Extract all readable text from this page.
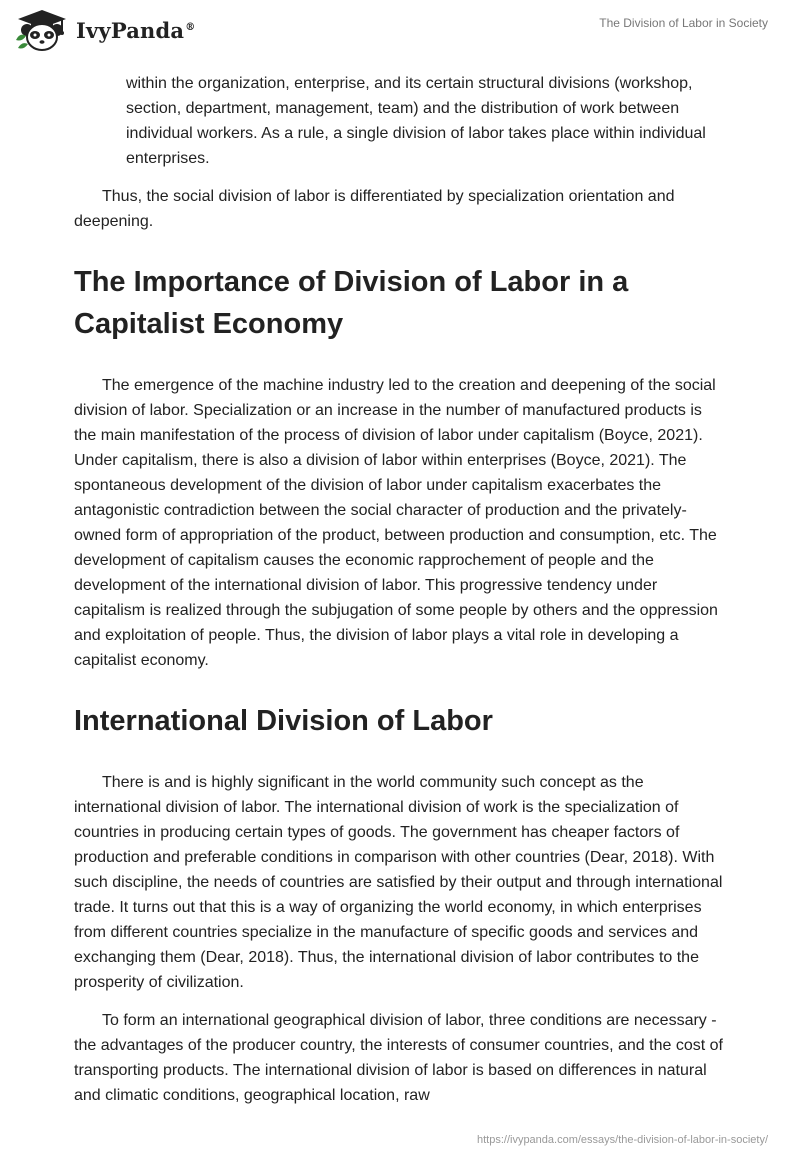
IvyPanda®	The Division of Labor in Society
within the organization, enterprise, and its certain structural divisions (workshop, section, department, management, team) and the distribution of work between individual workers. As a rule, a single division of labor takes place within individual enterprises.

Thus, the social division of labor is differentiated by specialization orientation and deepening.

The Importance of Division of Labor in a Capitalist Economy

The emergence of the machine industry led to the creation and deepening of the social division of labor. Specialization or an increase in the number of manufactured products is the main manifestation of the process of division of labor under capitalism (Boyce, 2021). Under capitalism, there is also a division of labor within enterprises (Boyce, 2021). The spontaneous development of the division of labor under capitalism exacerbates the antagonistic contradiction between the social character of production and the privately-owned form of appropriation of the product, between production and consumption, etc. The development of capitalism causes the economic rapprochement of people and the development of the international division of labor. This progressive tendency under capitalism is realized through the subjugation of some people by others and the oppression and exploitation of people. Thus, the division of labor plays a vital role in developing a capitalist economy.

International Division of Labor

There is and is highly significant in the world community such concept as the international division of labor. The international division of work is the specialization of countries in producing certain types of goods. The government has cheaper factors of production and preferable conditions in comparison with other countries (Dear, 2018). With such discipline, the needs of countries are satisfied by their output and through international trade. It turns out that this is a way of organizing the world economy, in which enterprises from different countries specialize in the manufacture of specific goods and services and exchanging them (Dear, 2018). Thus, the international division of labor contributes to the prosperity of civilization.

To form an international geographical division of labor, three conditions are necessary - the advantages of the producer country, the interests of consumer countries, and the cost of transporting products. The international division of labor is based on differences in natural and climatic conditions, geographical location, raw

https://ivypanda.com/essays/the-division-of-labor-in-society/
